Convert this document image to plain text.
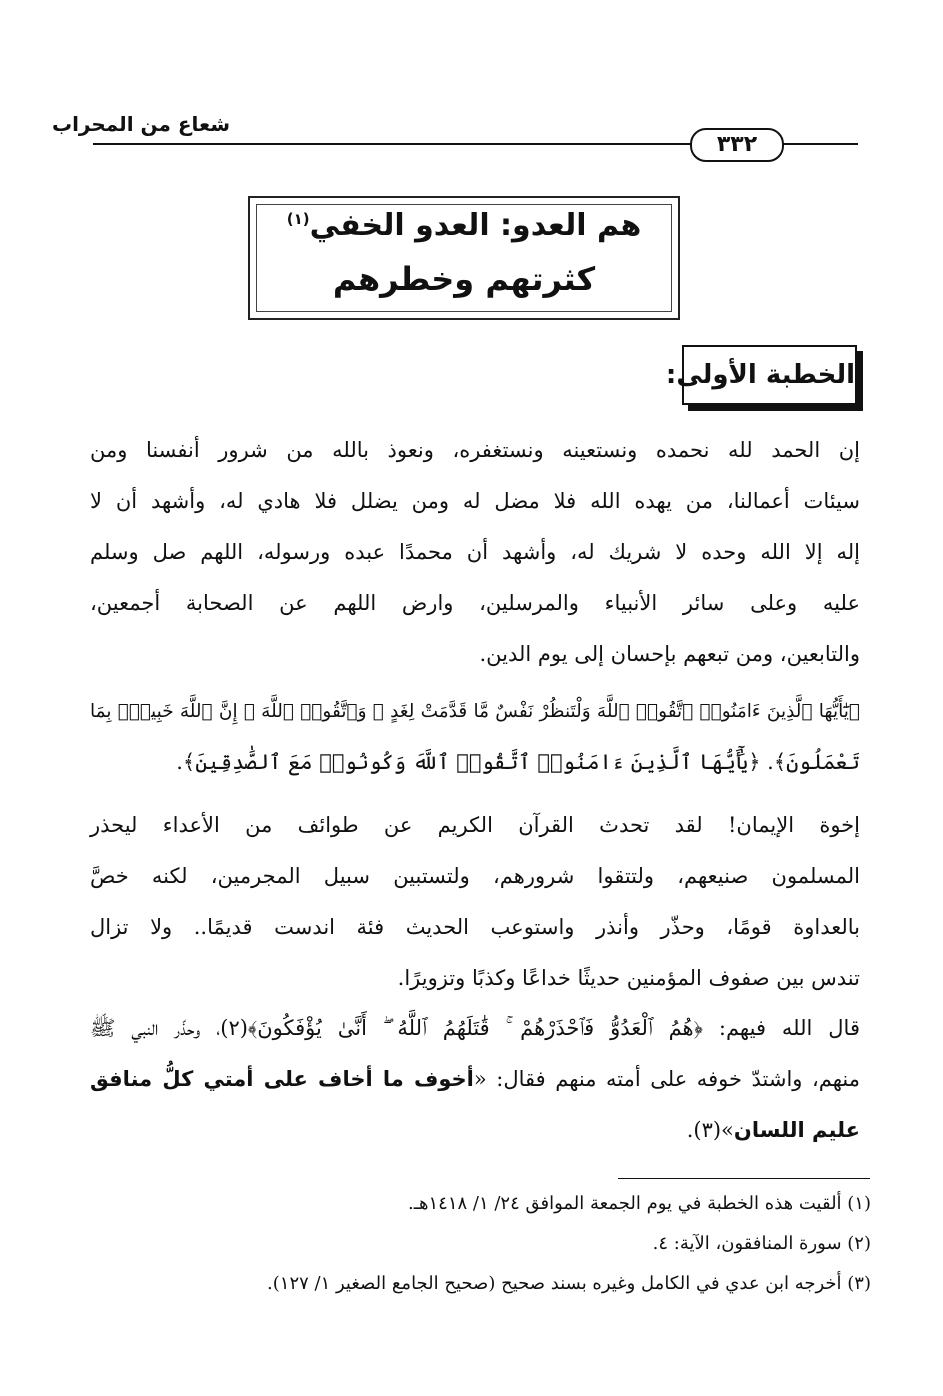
شعاع من المحراب
٣٣٢
هم العدو: العدو الخفي$^{(١)}$
كثرتهم وخطرهم
الخطبة الأولى:
إن الحمد لله نحمده ونستعينه ونستغفره، ونعوذ بالله من شرور أنفسنا ومن
سيئات أعمالنا، من يهده الله فلا مضل له ومن يضلل فلا هادي له، وأشهد أن لا
إله إلا الله وحده لا شريك له، وأشهد أن محمدًا عبده ورسوله، اللهم صل وسلم
عليه وعلى سائر الأنبياء والمرسلين، وارض اللهم عن الصحابة أجمعين،
والتابعين، ومن تبعهم بإحسان إلى يوم الدين.
﴿يَٰٓأَيُّهَا ٱلَّذِينَ ءَامَنُوا۟ ٱتَّقُوا۟ ٱللَّهَ وَلْتَنظُرْ نَفْسٌ مَّا قَدَّمَتْ لِغَدٍ ۖ وَٱتَّقُوا۟ ٱللَّهَ ۚ إِنَّ ٱللَّهَ خَبِيرٌۢ بِمَا
تَعْمَلُونَ﴾. ﴿يَٰٓأَيُّهَا ٱلَّذِينَ ءَامَنُوا۟ ٱتَّقُوا۟ ٱللَّهَ وَكُونُوا۟ مَعَ ٱلصَّٰدِقِينَ﴾.
إخوة الإيمان! لقد تحدث القرآن الكريم عن طوائف من الأعداء ليحذر
المسلمون صنيعهم، ولتتقوا شرورهم، ولتستبين سبيل المجرمين، لكنه خصَّ
بالعداوة قومًا، وحذّر وأنذر واستوعب الحديث فئة اندست قديمًا.. ولا تزال
تندس بين صفوف المؤمنين حديثًا خداعًا وكذبًا وتزويرًا.
قال الله فيهم: ﴿هُمُ ٱلْعَدُوُّ فَٱحْذَرْهُمْ ۚ قَٰتَلَهُمُ ٱللَّهُ ۖ أَنَّىٰ يُؤْفَكُونَ﴾(٢)، وحذّر النبي ﷺ
منهم، واشتدّ خوفه على أمته منهم فقال: «أخوف ما أخاف على أمتي كلُّ منافق
عليم اللسان»(٣).
(١) ألقيت هذه الخطبة في يوم الجمعة الموافق ٢٤/ ١/ ١٤١٨هـ.
(٢) سورة المنافقون، الآية: ٤.
(٣) أخرجه ابن عدي في الكامل وغيره بسند صحيح (صحيح الجامع الصغير ١/ ١٢٧).
